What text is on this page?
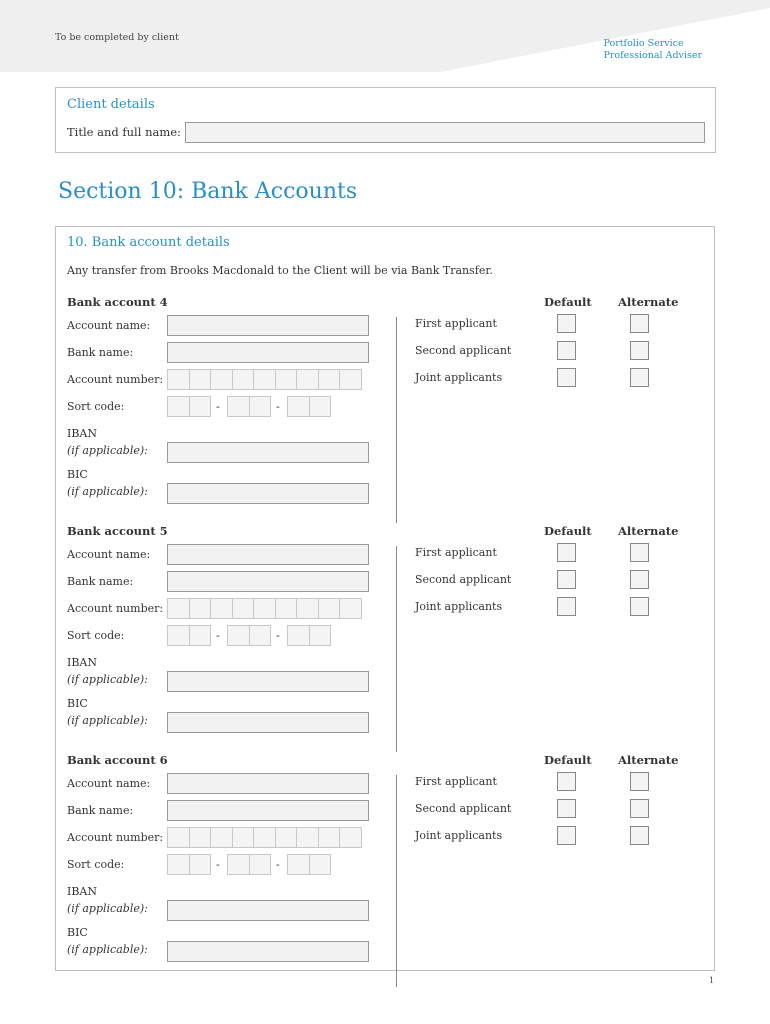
To be completed by client
Portfolio Service
Professional Adviser
Client details
Title and full name:
Section 10: Bank Accounts
10. Bank account details
Any transfer from Brooks Macdonald to the Client will be via Bank Transfer.
Bank account 4	Default Alternate
Account name:
Bank name:
Account number:
Sort code:	-	-
IBAN
(if applicable):
BIC
(if applicable):
First applicant
Second applicant
Joint applicants
Bank account 5	Default Alternate
Account name:
Bank name:
Account number:
Sort code:	-	-
IBAN
(if applicable):
BIC
(if applicable):
First applicant
Second applicant
Joint applicants
Bank account 6	Default Alternate
Account name:
Bank name:
Account number:
Sort code:	-	-
IBAN
(if applicable):
BIC
(if applicable):
First applicant
Second applicant
Joint applicants
1
